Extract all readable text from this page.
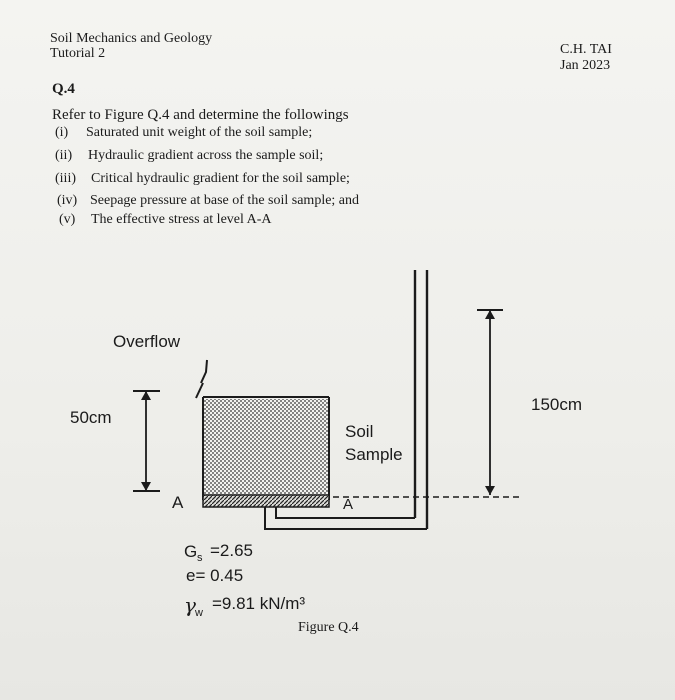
Soil Mechanics and Geology
Tutorial 2	C.H. TAI
Jan 2023
Q.4
Refer to Figure Q.4 and determine the followings
(i) Saturated unit weight of the soil sample;
(ii) Hydraulic gradient across the sample soil;
(iii) Critical hydraulic gradient for the soil sample;
(iv) Seepage pressure at base of the soil sample; and
(v) The effective stress at level A-A
γ w
G s
Overflow
50cm
150cm
Soil
Sample
A	A
=2.65
e= 0.45
=9.81 kN/m³
Figure Q.4
